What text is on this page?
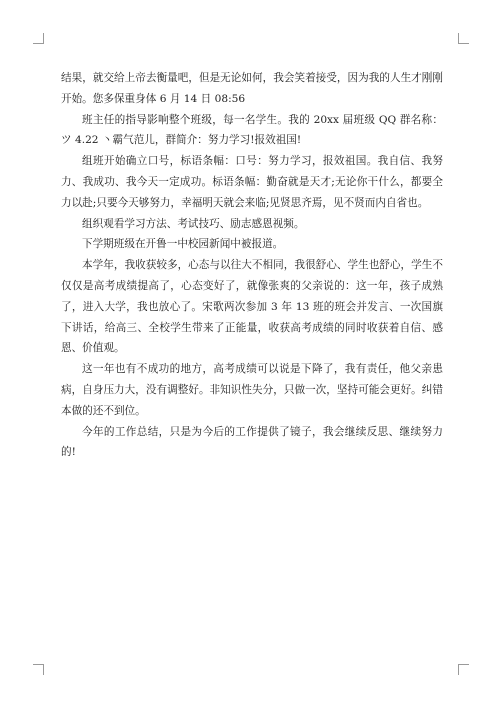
结果，就交给上帝去衡量吧，但是无论如何，我会笑着接受，因为我的人生才刚刚开始。您多保重身体 6 月 14 日 08:56

班主任的指导影响整个班级，每一名学生。我的 20xx 届班级 QQ 群名称： ツ 4.22 丶霸气范儿，群简介：努力学习!报效祖国!

组班开始确立口号，标语条幅：口号：努力学习，报效祖国。我自信、我努力、我成功、我今天一定成功。标语条幅：勤奋就是天才;无论你干什么，都要全力以赴;只要今天够努力，幸福明天就会来临;见贤思齐焉，见不贤而内自省也。

组织观看学习方法、考试技巧、励志感恩视频。

下学期班级在开鲁一中校园新闻中被报道。

本学年，我收获较多，心态与以往大不相同，我很舒心、学生也舒心，学生不仅仅是高考成绩提高了，心态变好了，就像张爽的父亲说的：这一年，孩子成熟了，进入大学，我也放心了。宋歌两次参加 3 年 13 班的班会并发言、一次国旗下讲话，给高三、全校学生带来了正能量，收获高考成绩的同时收获着自信、感恩、价值观。

这一年也有不成功的地方，高考成绩可以说是下降了，我有责任，他父亲患病，自身压力大，没有调整好。非知识性失分，只做一次，坚持可能会更好。纠错本做的还不到位。

今年的工作总结，只是为今后的工作提供了镜子，我会继续反思、继续努力的!
